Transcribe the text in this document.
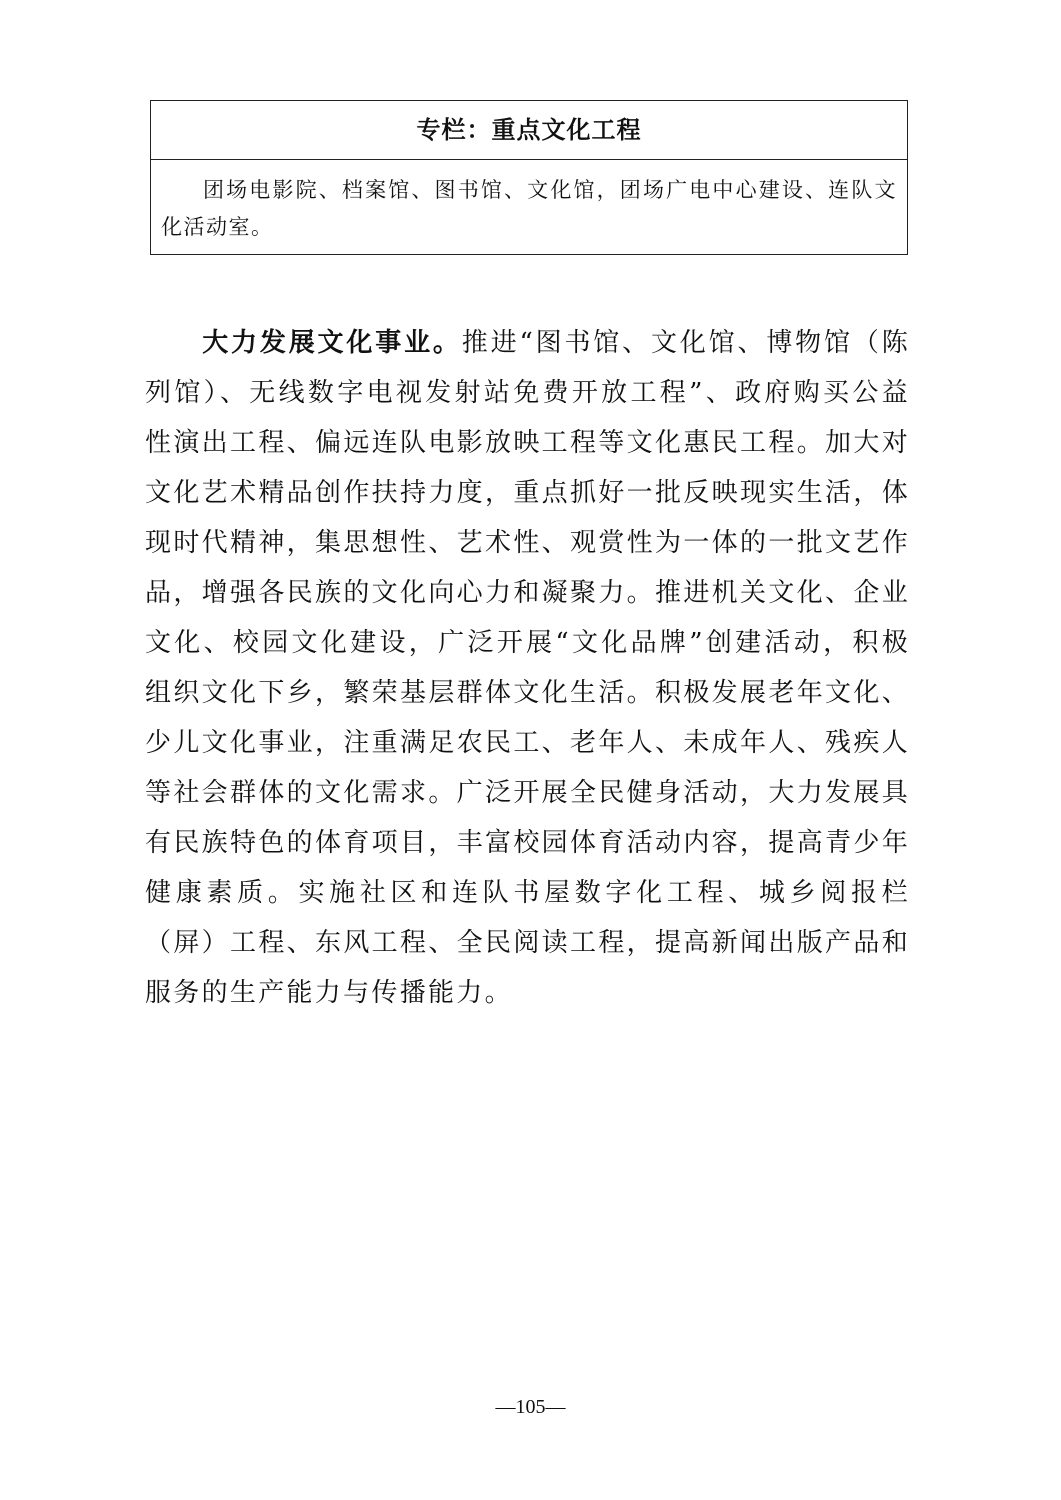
专栏：重点文化工程
团场电影院、档案馆、图书馆、文化馆，团场广电中心建设、连队文化活动室。

大力发展文化事业。推进“图书馆、文化馆、博物馆（陈列馆）、无线数字电视发射站免费开放工程”、政府购买公益性演出工程、偏远连队电影放映工程等文化惠民工程。加大对文化艺术精品创作扶持力度，重点抓好一批反映现实生活，体现时代精神，集思想性、艺术性、观赏性为一体的一批文艺作品，增强各民族的文化向心力和凝聚力。推进机关文化、企业文化、校园文化建设，广泛开展“文化品牌”创建活动，积极组织文化下乡，繁荣基层群体文化生活。积极发展老年文化、少儿文化事业，注重满足农民工、老年人、未成年人、残疾人等社会群体的文化需求。广泛开展全民健身活动，大力发展具有民族特色的体育项目，丰富校园体育活动内容，提高青少年健康素质。实施社区和连队书屋数字化工程、城乡阅报栏（屏）工程、东风工程、全民阅读工程，提高新闻出版产品和服务的生产能力与传播能力。

—105—
